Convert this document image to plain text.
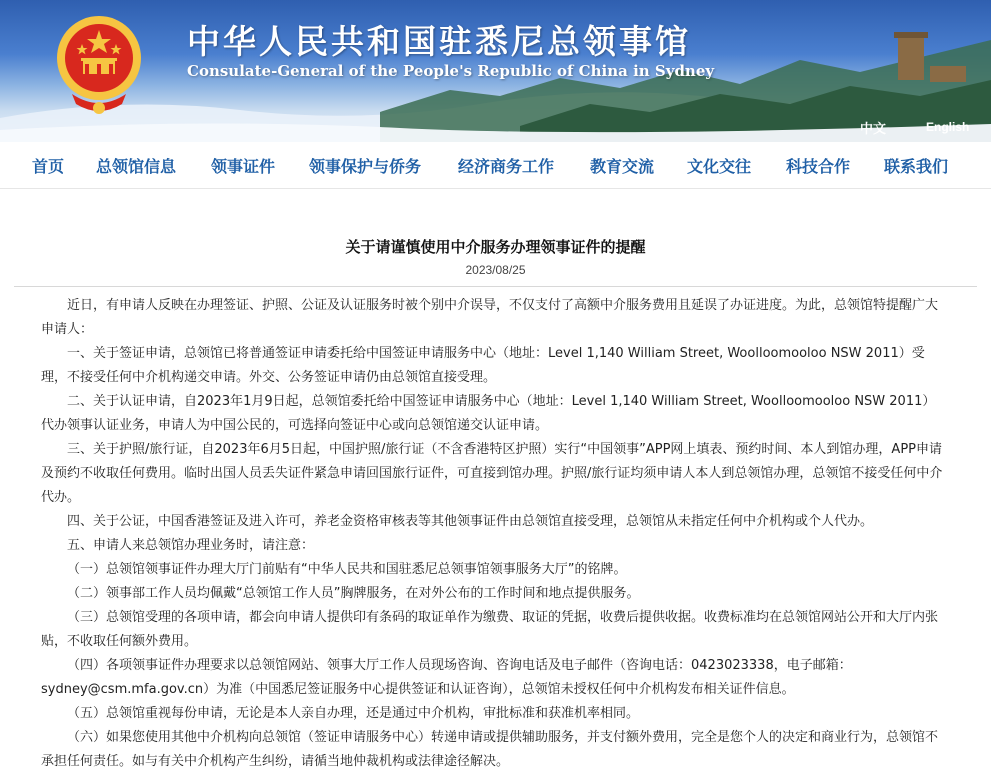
中华人民共和国驻悉尼总领事馆
Consulate-General of the People's Republic of China in Sydney
中文	English
首页 总领馆信息 领事证件 领事保护与侨务 经济商务工作 教育交流 文化交往 科技合作 联系我们
关于请谨慎使用中介服务办理领事证件的提醒
2023/08/25

近日，有申请人反映在办理签证、护照、公证及认证服务时被个别中介误导，不仅支付了高额中介服务费用且延误了办证进度。为此，总领馆特提醒广大申请人：

一、关于签证申请，总领馆已将普通签证申请委托给中国签证申请服务中心（地址：Level 1,140 William Street, Woolloomooloo NSW 2011）受理，不接受任何中介机构递交申请。外交、公务签证申请仍由总领馆直接受理。

二、关于认证申请，自2023年1月9日起，总领馆委托给中国签证申请服务中心（地址：Level 1,140 William Street, Woolloomooloo NSW 2011）代办领事认证业务，申请人为中国公民的，可选择向签证中心或向总领馆递交认证申请。

三、关于护照/旅行证，自2023年6月5日起，中国护照/旅行证（不含香港特区护照）实行“中国领事”APP网上填表、预约时间、本人到馆办理，APP申请及预约不收取任何费用。临时出国人员丢失证件紧急申请回国旅行证件，可直接到馆办理。护照/旅行证均须申请人本人到总领馆办理，总领馆不接受任何中介代办。

四、关于公证，中国香港签证及进入许可，养老金资格审核表等其他领事证件由总领馆直接受理，总领馆从未指定任何中介机构或个人代办。

五、申请人来总领馆办理业务时，请注意：

（一）总领馆领事证件办理大厅门前贴有“中华人民共和国驻悉尼总领事馆领事服务大厅”的铭牌。

（二）领事部工作人员均佩戴“总领馆工作人员”胸牌服务，在对外公布的工作时间和地点提供服务。

（三）总领馆受理的各项申请，都会向申请人提供印有条码的取证单作为缴费、取证的凭据，收费后提供收据。收费标准均在总领馆网站公开和大厅内张贴，不收取任何额外费用。

（四）各项领事证件办理要求以总领馆网站、领事大厅工作人员现场咨询、咨询电话及电子邮件（咨询电话：0423023338，电子邮箱：sydney@csm.mfa.gov.cn）为准（中国悉尼签证服务中心提供签证和认证咨询），总领馆未授权任何中介机构发布相关证件信息。

（五）总领馆重视每份申请，无论是本人亲自办理，还是通过中介机构，审批标准和获准机率相同。

（六）如果您使用其他中介机构向总领馆（签证申请服务中心）转递申请或提供辅助服务，并支付额外费用，完全是您个人的决定和商业行为，总领馆不承担任何责任。如与有关中介机构产生纠纷，请循当地仲裁机构或法律途径解决。
